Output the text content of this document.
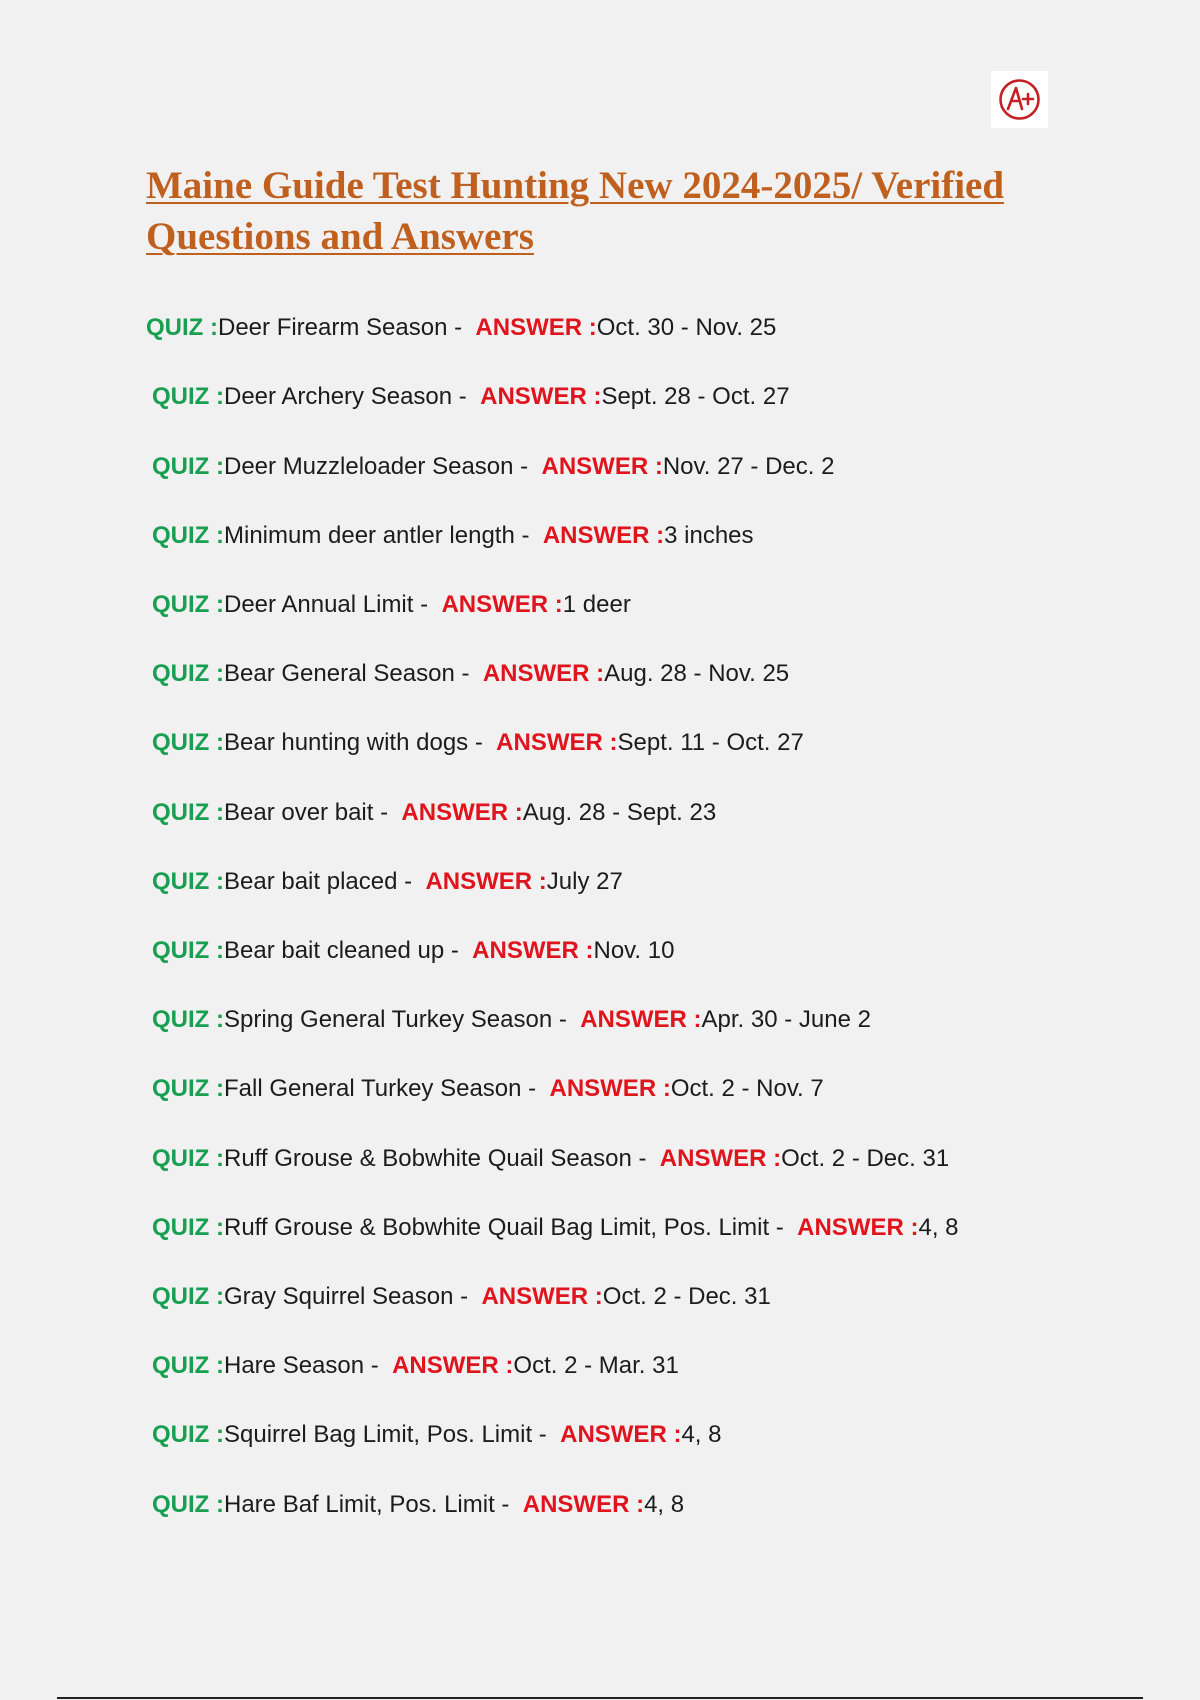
Maine Guide Test Hunting New 2024-2025/ Verified Questions and Answers
QUIZ :Deer Firearm Season -  ANSWER :Oct. 30 - Nov. 25
QUIZ :Deer Archery Season -  ANSWER :Sept. 28 - Oct. 27
QUIZ :Deer Muzzleloader Season -  ANSWER :Nov. 27 - Dec. 2
QUIZ :Minimum deer antler length -  ANSWER :3 inches
QUIZ :Deer Annual Limit -  ANSWER :1 deer
QUIZ :Bear General Season -  ANSWER :Aug. 28 - Nov. 25
QUIZ :Bear hunting with dogs -  ANSWER :Sept. 11 - Oct. 27
QUIZ :Bear over bait -  ANSWER :Aug. 28 - Sept. 23
QUIZ :Bear bait placed -  ANSWER :July 27
QUIZ :Bear bait cleaned up -  ANSWER :Nov. 10
QUIZ :Spring General Turkey Season -  ANSWER :Apr. 30 - June 2
QUIZ :Fall General Turkey Season -  ANSWER :Oct. 2 - Nov. 7
QUIZ :Ruff Grouse & Bobwhite Quail Season -  ANSWER :Oct. 2 - Dec. 31
QUIZ :Ruff Grouse & Bobwhite Quail Bag Limit, Pos. Limit -  ANSWER :4, 8
QUIZ :Gray Squirrel Season -  ANSWER :Oct. 2 - Dec. 31
QUIZ :Hare Season -  ANSWER :Oct. 2 - Mar. 31
QUIZ :Squirrel Bag Limit, Pos. Limit -  ANSWER :4, 8
QUIZ :Hare Baf Limit, Pos. Limit -  ANSWER :4, 8
